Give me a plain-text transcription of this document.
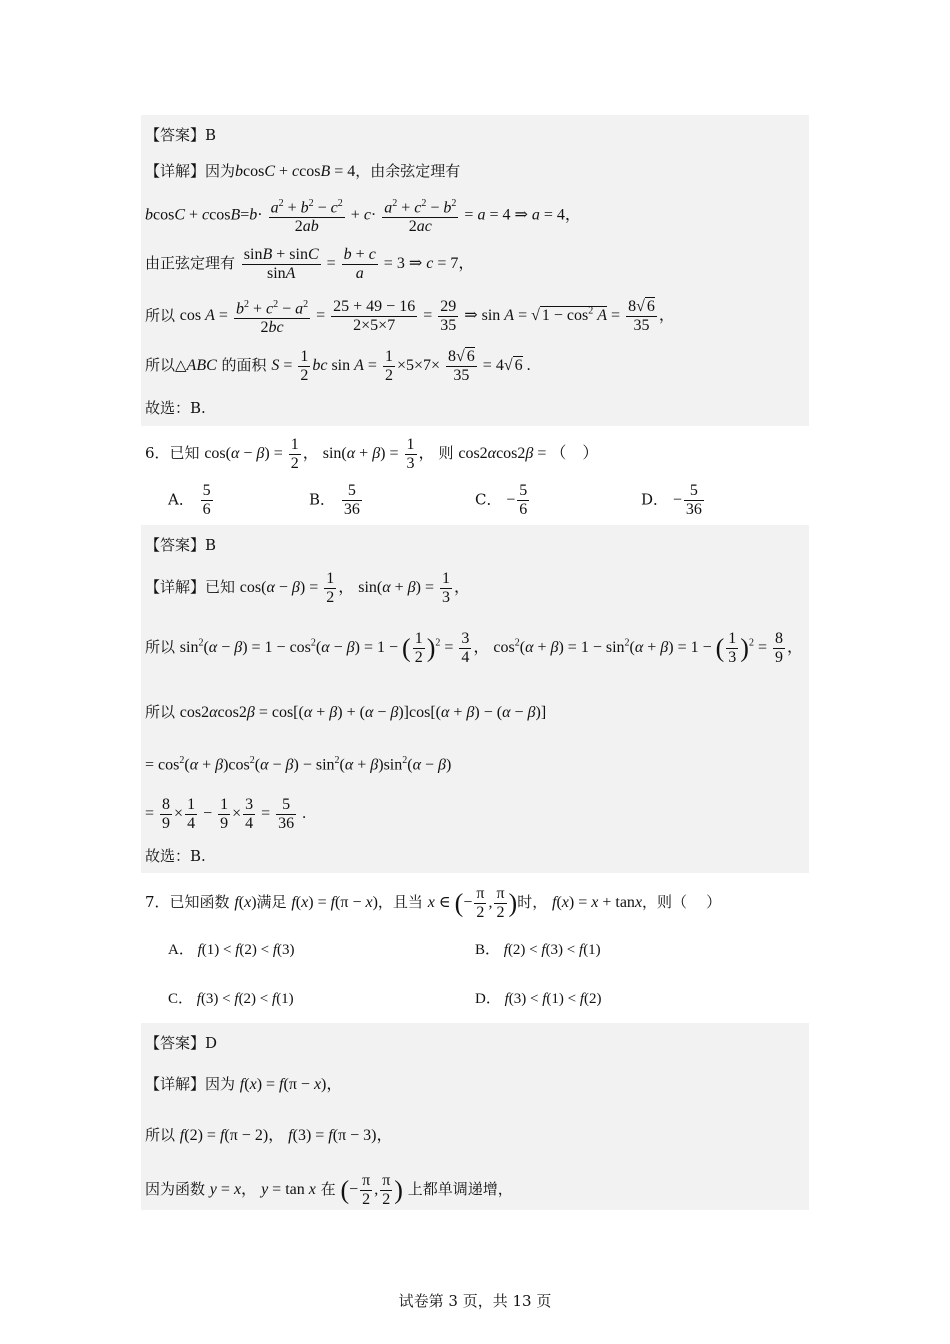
【答案】B
【详解】因为bcosC + ccosB = 4，由余弦定理有
$bcosC + ccosB=b\cdot \frac{a^2 + b^2 - c^2}{2ab} + c\cdot \frac{a^2 + c^2 - b^2}{2ac} = a = 4$ ⇒ a = 4，
由正弦定理有 $\frac{\sin B + \sin C}{\sin A} = \frac{b + c}{a} = 3$ ⇒ c = 7，
所以 $\cos A = \frac{b^2 + c^2 - a^2}{2bc} = \frac{25 + 49 - 16}{2\times 5\times 7} = \frac{29}{35}$ ⇒ sin A = √ $1 - \cos^2 A = \frac{8√ 6}{35}$ ，
所以△ABC 的面积 $S = \frac{1}{2}$ bc $\sin A = \frac{1}{2} \times 5\times 7\times \frac{8√ 6}{35} = 4√$ 6 .
故选：B.
6．已知 $\cos(\alpha - \beta) = \frac{1}{2}$ ， $\sin(\alpha + \beta) = \frac{1}{3}$ ， 则 cos2αcos2β = （    ）
A． $\frac{5}{6}$	B． $\frac{5}{36}$	C． − $\frac{5}{6}$	D． − $\frac{5}{36}$
【答案】B
【详解】已知 $\cos(\alpha - \beta) = \frac{1}{2}$ ， $\sin(\alpha + \beta) = \frac{1}{3}$ ，
所以 $\sin^2(\alpha - \beta) = 1 - \cos^2(\alpha - \beta) = 1$ − ( $\frac{1}{2} )^2 = \frac{3}{4}$ ， $\cos^2(\alpha + \beta) = 1 - \sin^2(\alpha + \beta) = 1$ − ( $\frac{1}{3} )^2 = \frac{8}{9}$ ，
所以 cos2αcos2β = cos[(α + β) + (α − β)]cos[(α + β) − (α − β)]
= $\cos^2(\alpha + \beta)\cos^2(\alpha - \beta) - \sin^2(\alpha + \beta)\sin^2(\alpha - \beta)$
= $\frac{8}{9} \times \frac{1}{4} - \frac{1}{9} \times \frac{3}{4} = \frac{5}{36}$ .
故选：B.
7．已知函数 f(x)满足 f(x) = f(π − x)，且当 x ∈ (− $\frac{\pi}{2}$ , $\frac{\pi}{2}$ )时， f(x) = x + tanx，则（    ）
A． f(1) < f(2) < f(3)	B． f(2) < f(3) < f(1)
C． f(3) < f(2) < f(1)	D． f(3) < f(1) < f(2)
【答案】D
【详解】因为 f(x) = f(π − x)，
所以 f(2) = f(π − 2)， f(3) = f(π − 3)，
因为函数 y = x， y = tan x 在 (− $\frac{\pi}{2}$ , $\frac{\pi}{2}$ ) 上都单调递增，
试卷第 3 页，共 13 页
